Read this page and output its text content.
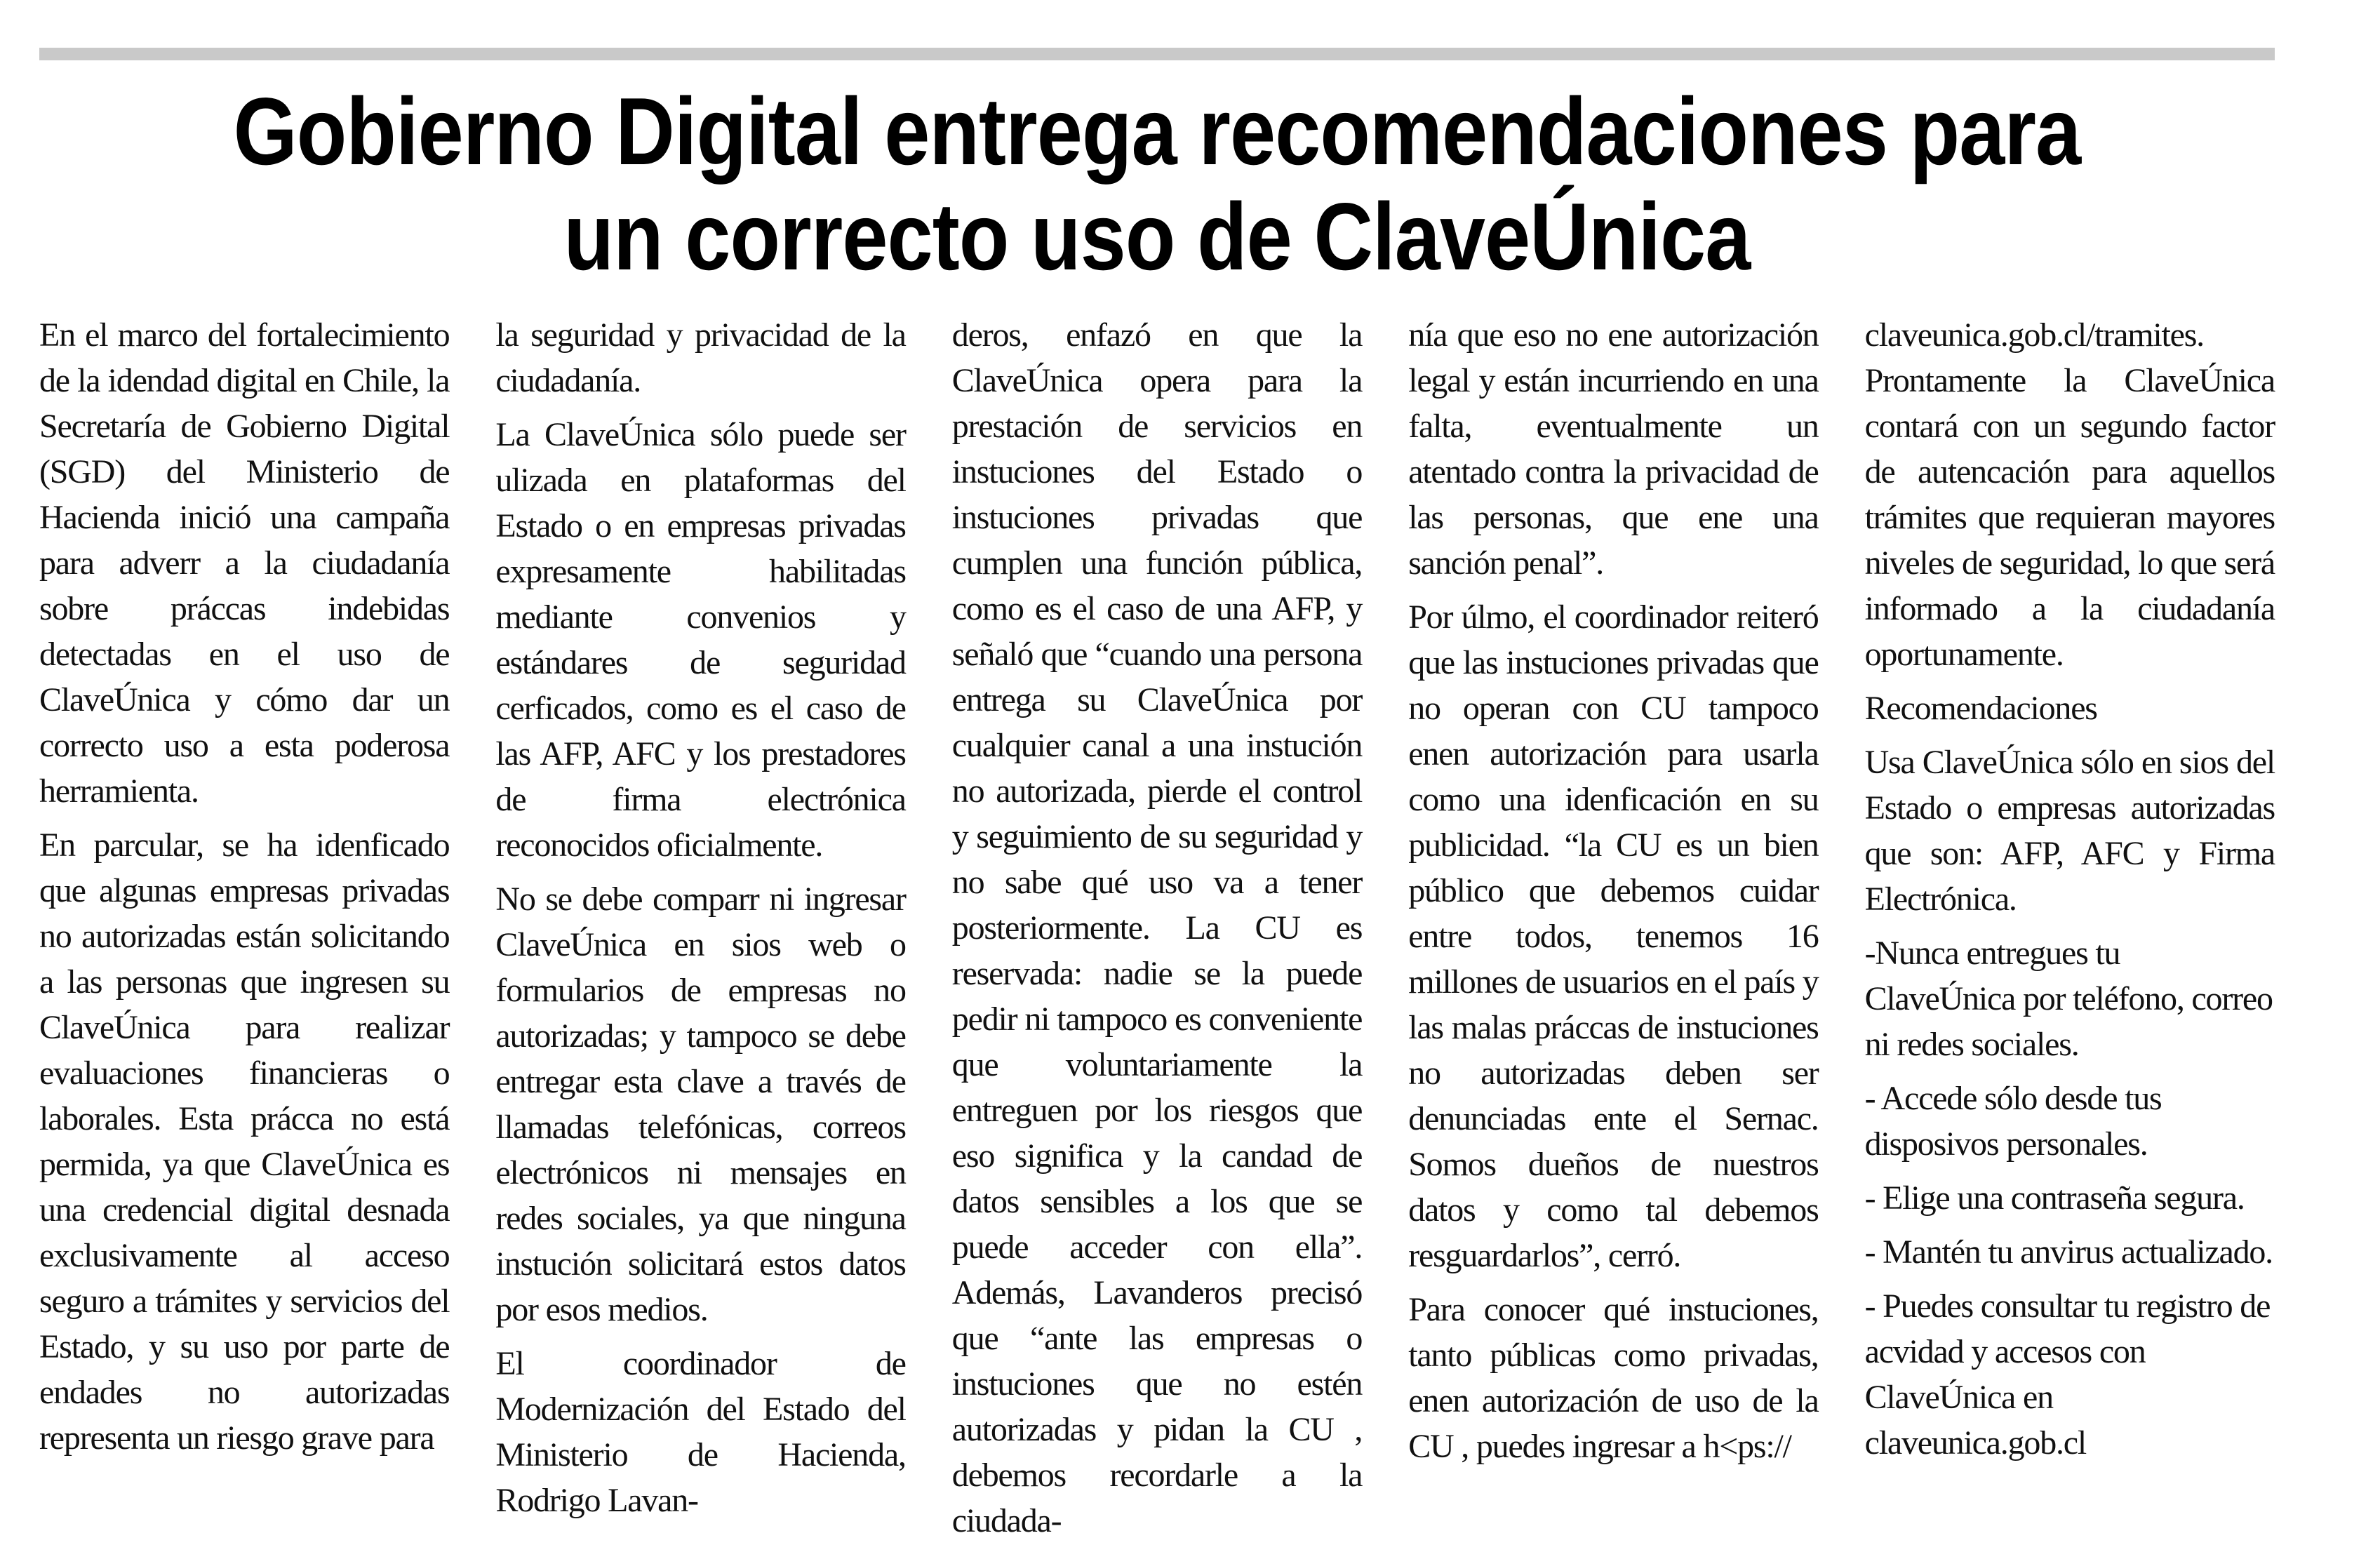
Gobierno Digital entrega recomendaciones para un correcto uso de ClaveÚnica

En el marco del fortalecimiento de la idendad digital en Chile, la Secretaría de Gobierno Digital (SGD) del Ministerio de Hacienda inició una campaña para adverr a la ciudadanía sobre práccas indebidas detectadas en el uso de ClaveÚnica y cómo dar un correcto uso a esta poderosa herramienta.

En parcular, se ha idenficado que algunas empresas privadas no autorizadas están solicitando a las personas que ingresen su ClaveÚnica para realizar evaluaciones financieras o laborales. Esta prácca no está permida, ya que ClaveÚnica es una credencial digital desnada exclusivamente al acceso seguro a trámites y servicios del Estado, y su uso por parte de endades no autorizadas representa un riesgo grave para

la seguridad y privacidad de la ciudadanía.

La ClaveÚnica sólo puede ser ulizada en plataformas del Estado o en empresas privadas expresamente habilitadas mediante convenios y estándares de seguridad cerficados, como es el caso de las AFP, AFC y los prestadores de firma electrónica reconocidos oficialmente.

No se debe comparr ni ingresar ClaveÚnica en sios web o formularios de empresas no autorizadas; y tampoco se debe entregar esta clave a través de llamadas telefónicas, correos electrónicos ni mensajes en redes sociales, ya que ninguna instución solicitará estos datos por esos medios.

El coordinador de Modernización del Estado del Ministerio de Hacienda, Rodrigo Lavan-

deros, enfazó en que la ClaveÚnica opera para la prestación de servicios en instuciones del Estado o instuciones privadas que cumplen una función pública, como es el caso de una AFP, y señaló que “cuando una persona entrega su ClaveÚnica por cualquier canal a una instución no autorizada, pierde el control y seguimiento de su seguridad y no sabe qué uso va a tener posteriormente. La CU es reservada: nadie se la puede pedir ni tampoco es conveniente que voluntariamente la entreguen por los riesgos que eso significa y la candad de datos sensibles a los que se puede acceder con ella”. Además, Lavanderos precisó que “ante las empresas o instuciones que no estén autorizadas y pidan la CU , debemos recordarle a la ciudada-

nía que eso no ene autorización legal y están incurriendo en una falta, eventualmente un atentado contra la privacidad de las personas, que ene una sanción penal”.

Por úlmo, el coordinador reiteró que las instuciones privadas que no operan con CU tampoco enen autorización para usarla como una idenficación en su publicidad. “la CU es un bien público que debemos cuidar entre todos, tenemos 16 millones de usuarios en el país y las malas práccas de instuciones no autorizadas deben ser denunciadas ente el Sernac. Somos dueños de nuestros datos y como tal debemos resguardarlos”, cerró.

Para conocer qué instuciones, tanto públicas como privadas, enen autorización de uso de la CU , puedes ingresar a h<ps://

claveunica.gob.cl/tramites. Prontamente la ClaveÚnica contará con un segundo factor de autencación para aquellos trámites que requieran mayores niveles de seguridad, lo que será informado a la ciudadanía oportunamente.

Recomendaciones

Usa ClaveÚnica sólo en sios del Estado o empresas autorizadas que son: AFP, AFC y Firma Electrónica.

-Nunca entregues tu ClaveÚnica por teléfono, correo ni redes sociales.

- Accede sólo desde tus disposivos personales.

- Elige una contraseña segura.

- Mantén tu anvirus actualizado.

- Puedes consultar tu registro de acvidad y accesos con ClaveÚnica en claveunica.gob.cl
